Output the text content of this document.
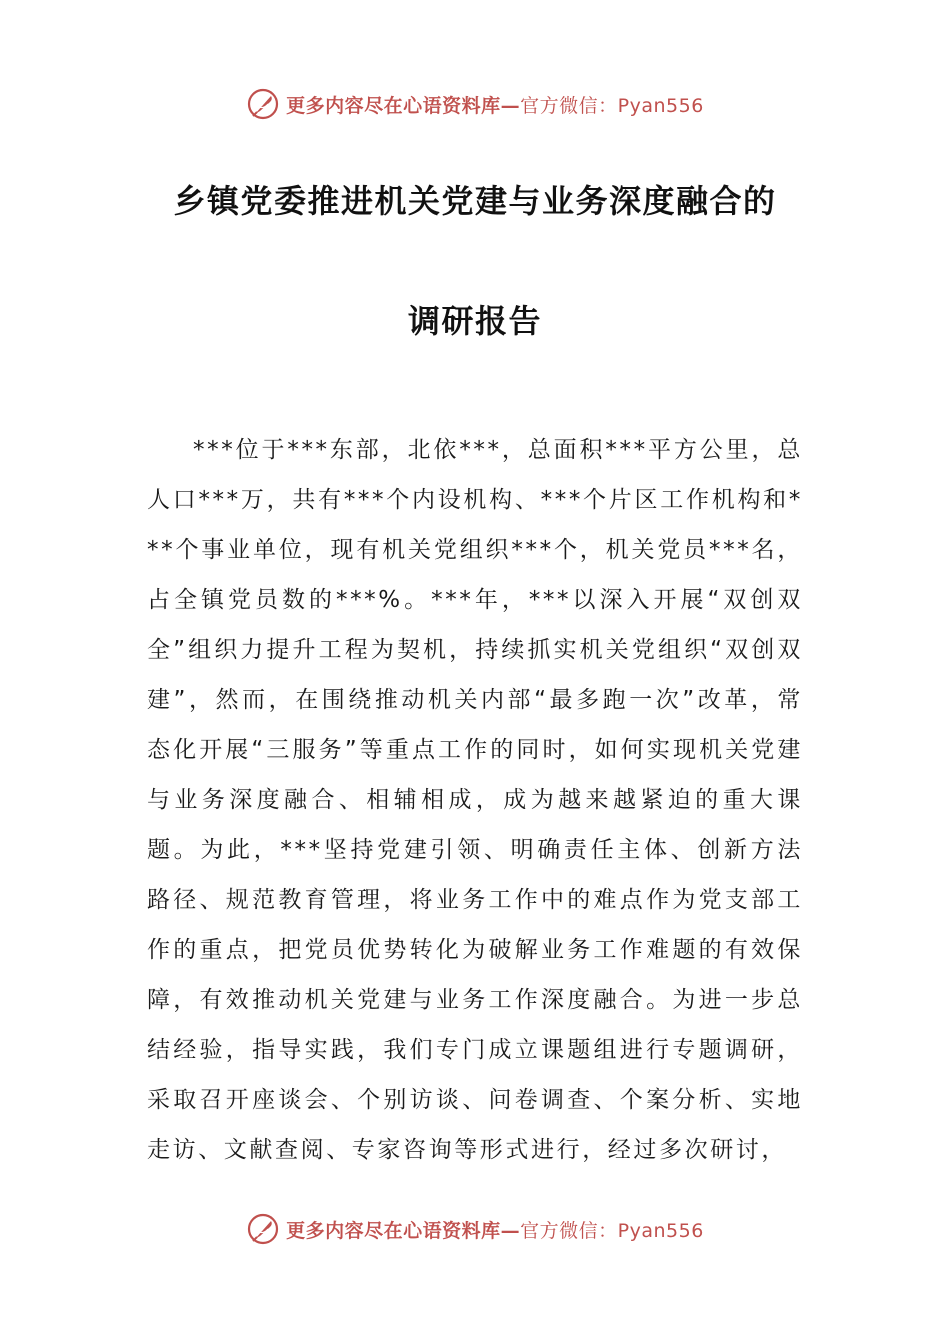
更多内容尽在心语资料库—官方微信：Pyan556
乡镇党委推进机关党建与业务深度融合的
调研报告

***位于***东部，北依***，总面积***平方公里，总人口***万，共有***个内设机构、***个片区工作机构和***个事业单位，现有机关党组织***个，机关党员***名，占全镇党员数的***%。***年，***以深入开展“双创双全”组织力提升工程为契机，持续抓实机关党组织“双创双建”，然而，在围绕推动机关内部“最多跑一次”改革，常态化开展“三服务”等重点工作的同时，如何实现机关党建与业务深度融合、相辅相成，成为越来越紧迫的重大课题。为此，***坚持党建引领、明确责任主体、创新方法路径、规范教育管理，将业务工作中的难点作为党支部工作的重点，把党员优势转化为破解业务工作难题的有效保障，有效推动机关党建与业务工作深度融合。为进一步总结经验，指导实践，我们专门成立课题组进行专题调研，采取召开座谈会、个别访谈、问卷调查、个案分析、实地走访、文献查阅、专家咨询等形式进行，经过多次研讨，

更多内容尽在心语资料库—官方微信：Pyan556
